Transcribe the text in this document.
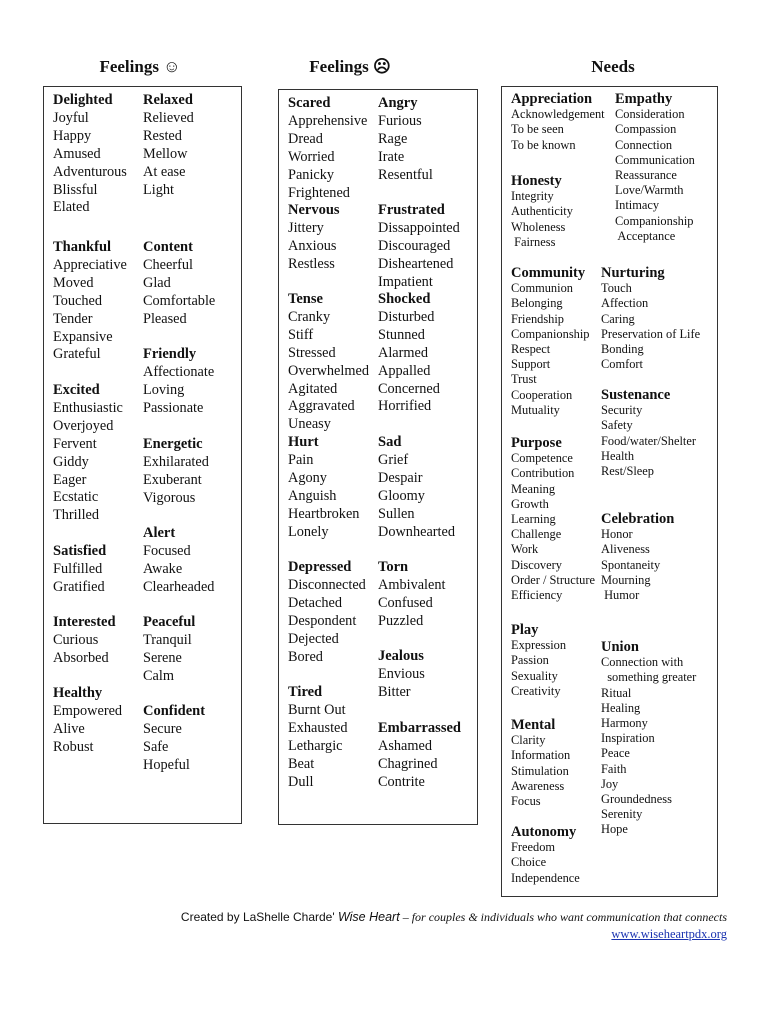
Feelings ☺	Feelings ☹	Needs
Delighted
Joyful
Happy
Amused
Adventurous
Blissful
Elated
Thankful
Appreciative
Moved
Touched
Tender
Expansive
Grateful
Excited
Enthusiastic
Overjoyed
Fervent
Giddy
Eager
Ecstatic
Thrilled
Satisfied
Fulfilled
Gratified
Interested
Curious
Absorbed
Healthy
Empowered
Alive
Robust
Relaxed
Relieved
Rested
Mellow
At ease
Light
Content
Cheerful
Glad
Comfortable
Pleased
Friendly
Affectionate
Loving
Passionate
Energetic
Exhilarated
Exuberant
Vigorous
Alert
Focused
Awake
Clearheaded
Peaceful
Tranquil
Serene
Calm
Confident
Secure
Safe
Hopeful
Scared
Apprehensive
Dread
Worried
Panicky
Frightened
Nervous
Jittery
Anxious
Restless
Tense
Cranky
Stiff
Stressed
Overwhelmed
Agitated
Aggravated
Uneasy
Hurt
Pain
Agony
Anguish
Heartbroken
Lonely
Depressed
Disconnected
Detached
Despondent
Dejected
Bored
Tired
Burnt Out
Exhausted
Lethargic
Beat
Dull
Angry
Furious
Rage
Irate
Resentful
Frustrated
Dissappointed
Discouraged
Disheartened
Impatient
Shocked
Disturbed
Stunned
Alarmed
Appalled
Concerned
Horrified
Sad
Grief
Despair
Gloomy
Sullen
Downhearted
Torn
Ambivalent
Confused
Puzzled
Jealous
Envious
Bitter
Embarrassed
Ashamed
Chagrined
Contrite
Appreciation
Acknowledgement
To be seen
To be known
Honesty
Integrity
Authenticity
Wholeness
Fairness
Community
Communion
Belonging
Friendship
Companionship
Respect
Support
Trust
Cooperation
Mutuality
Purpose
Competence
Contribution
Meaning
Growth
Learning
Challenge
Work
Discovery
Order / Structure
Efficiency
Play
Expression
Passion
Sexuality
Creativity
Mental
Clarity
Information
Stimulation
Awareness
Focus
Autonomy
Freedom
Choice
Independence
Empathy
Consideration
Compassion
Connection
Communication
Reassurance
Love/Warmth
Intimacy
Companionship
Acceptance
Nurturing
Touch
Affection
Caring
Preservation of Life
Bonding
Comfort
Sustenance
Security
Safety
Food/water/Shelter
Health
Rest/Sleep
Celebration
Honor
Aliveness
Spontaneity
Mourning
Humor
Union
Connection with
something greater
Ritual
Healing
Harmony
Inspiration
Peace
Faith
Joy
Groundedness
Serenity
Hope
Created by LaShelle Charde' Wise Heart – for couples & individuals who want communication that connects
www.wiseheartpdx.org
